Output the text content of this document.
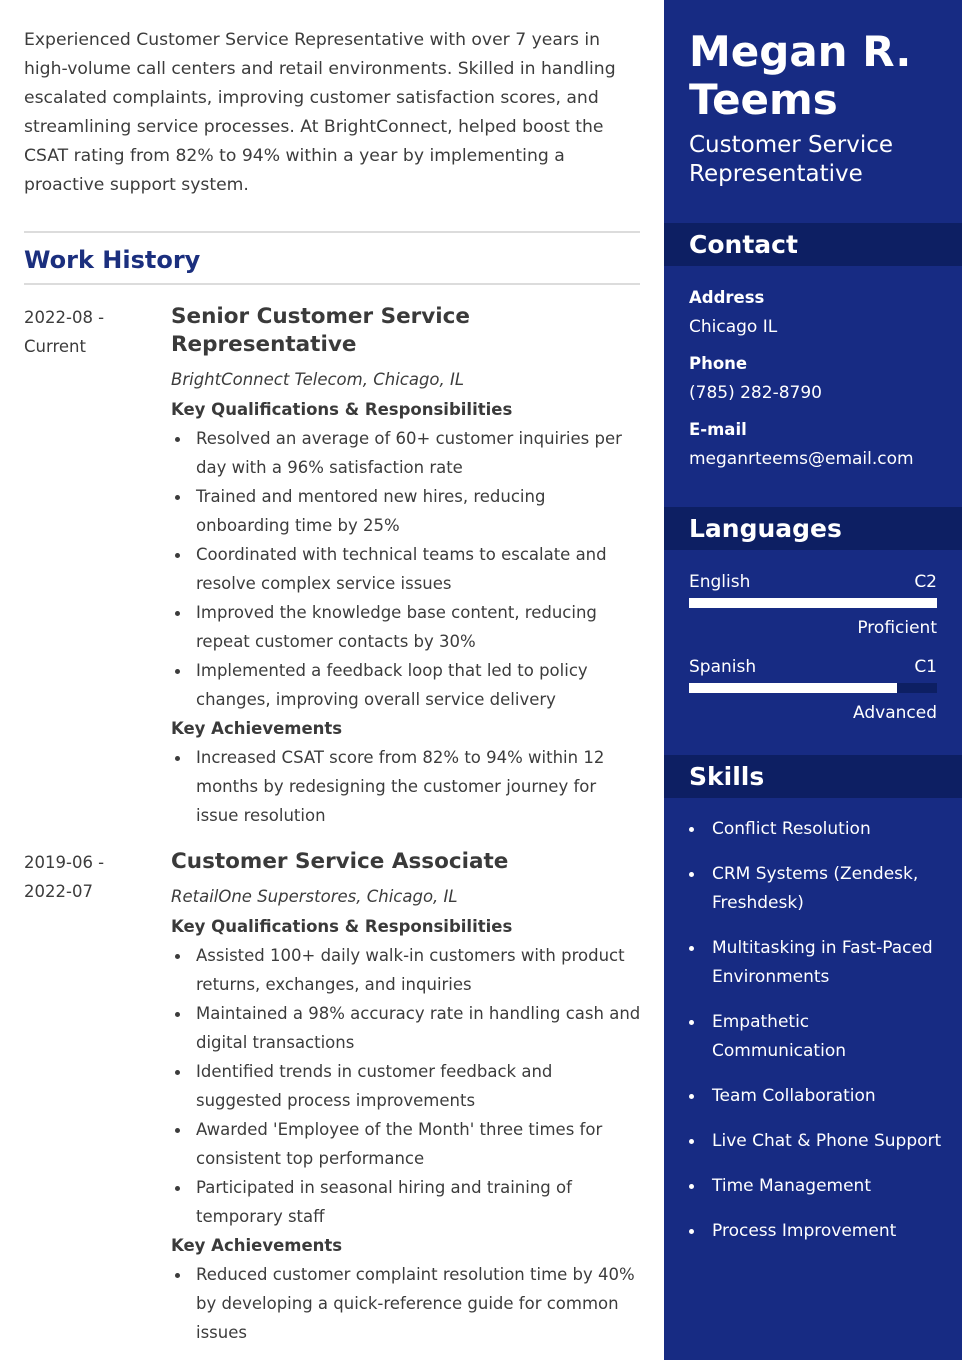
Experienced Customer Service Representative with over 7 years in high-volume call centers and retail environments. Skilled in handling escalated complaints, improving customer satisfaction scores, and streamlining service processes. At BrightConnect, helped boost the CSAT rating from 82% to 94% within a year by implementing a proactive support system.

Work History
2022-08 -
Current
Senior Customer Service Representative
BrightConnect Telecom, Chicago, IL
Key Qualifications & Responsibilities
Resolved an average of 60+ customer inquiries per day with a 96% satisfaction rate
Trained and mentored new hires, reducing onboarding time by 25%
Coordinated with technical teams to escalate and resolve complex service issues
Improved the knowledge base content, reducing repeat customer contacts by 30%
Implemented a feedback loop that led to policy changes, improving overall service delivery
Key Achievements
Increased CSAT score from 82% to 94% within 12 months by redesigning the customer journey for issue resolution
2019-06 -
2022-07
Customer Service Associate
RetailOne Superstores, Chicago, IL
Key Qualifications & Responsibilities
Assisted 100+ daily walk-in customers with product returns, exchanges, and inquiries
Maintained a 98% accuracy rate in handling cash and digital transactions
Identified trends in customer feedback and suggested process improvements
Awarded 'Employee of the Month' three times for consistent top performance
Participated in seasonal hiring and training of temporary staff
Key Achievements
Reduced customer complaint resolution time by 40% by developing a quick-reference guide for common issues
Megan R. Teems
Customer Service Representative
Contact
Address
Chicago IL
Phone
(785) 282-8790
E-mail
meganrteems@email.com
Languages
English	C2
Proficient
Spanish	C1
Advanced
Skills
Conflict Resolution
CRM Systems (Zendesk, Freshdesk)
Multitasking in Fast-Paced Environments
Empathetic Communication
Team Collaboration
Live Chat & Phone Support
Time Management
Process Improvement
